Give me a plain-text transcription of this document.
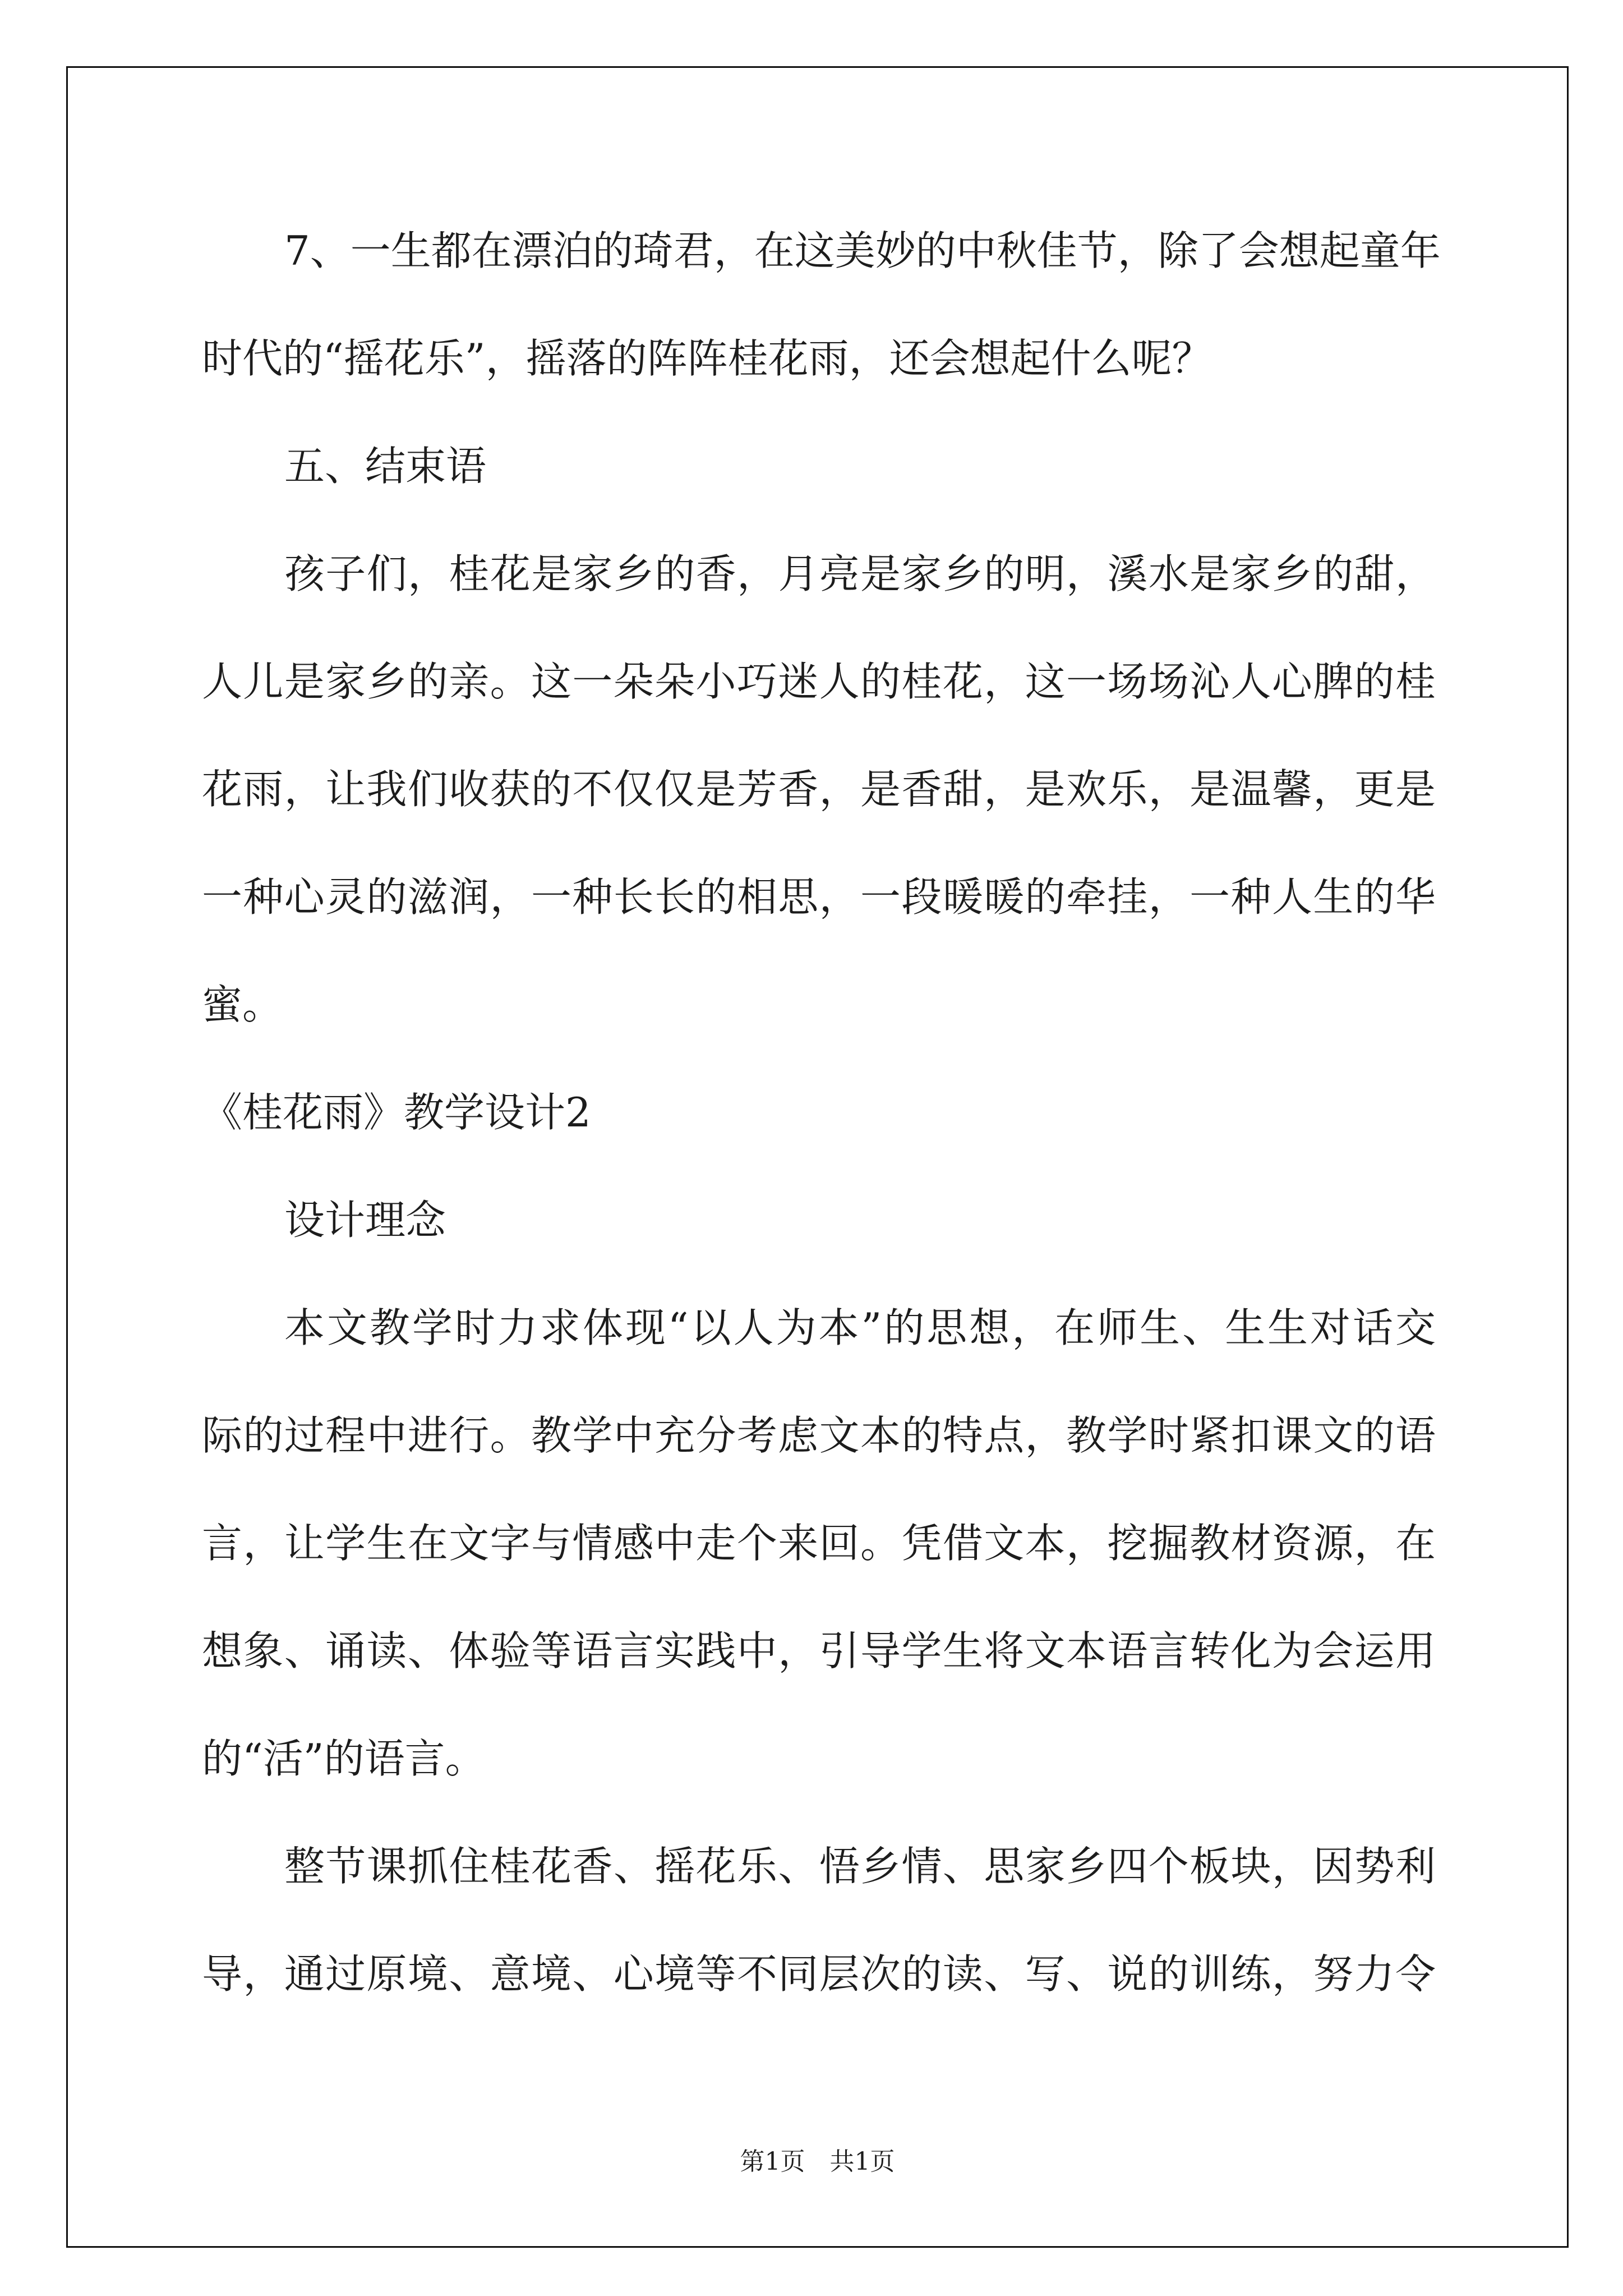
7、一生都在漂泊的琦君，在这美妙的中秋佳节，除了会想起童年
时代的“摇花乐”，摇落的阵阵桂花雨，还会想起什么呢？
五、结束语
孩子们，桂花是家乡的香，月亮是家乡的明，溪水是家乡的甜，
人儿是家乡的亲。这一朵朵小巧迷人的桂花，这一场场沁人心脾的桂
花雨，让我们收获的不仅仅是芳香，是香甜，是欢乐，是温馨，更是
一种心灵的滋润，一种长长的相思，一段暖暖的牵挂，一种人生的华
蜜。
《桂花雨》教学设计2
设计理念
本文教学时力求体现“以人为本”的思想，在师生、生生对话交
际的过程中进行。教学中充分考虑文本的特点，教学时紧扣课文的语
言，让学生在文字与情感中走个来回。凭借文本，挖掘教材资源，在
想象、诵读、体验等语言实践中，引导学生将文本语言转化为会运用
的“活”的语言。
整节课抓住桂花香、摇花乐、悟乡情、思家乡四个板块，因势利
导，通过原境、意境、心境等不同层次的读、写、说的训练，努力令
第1页　共1页
